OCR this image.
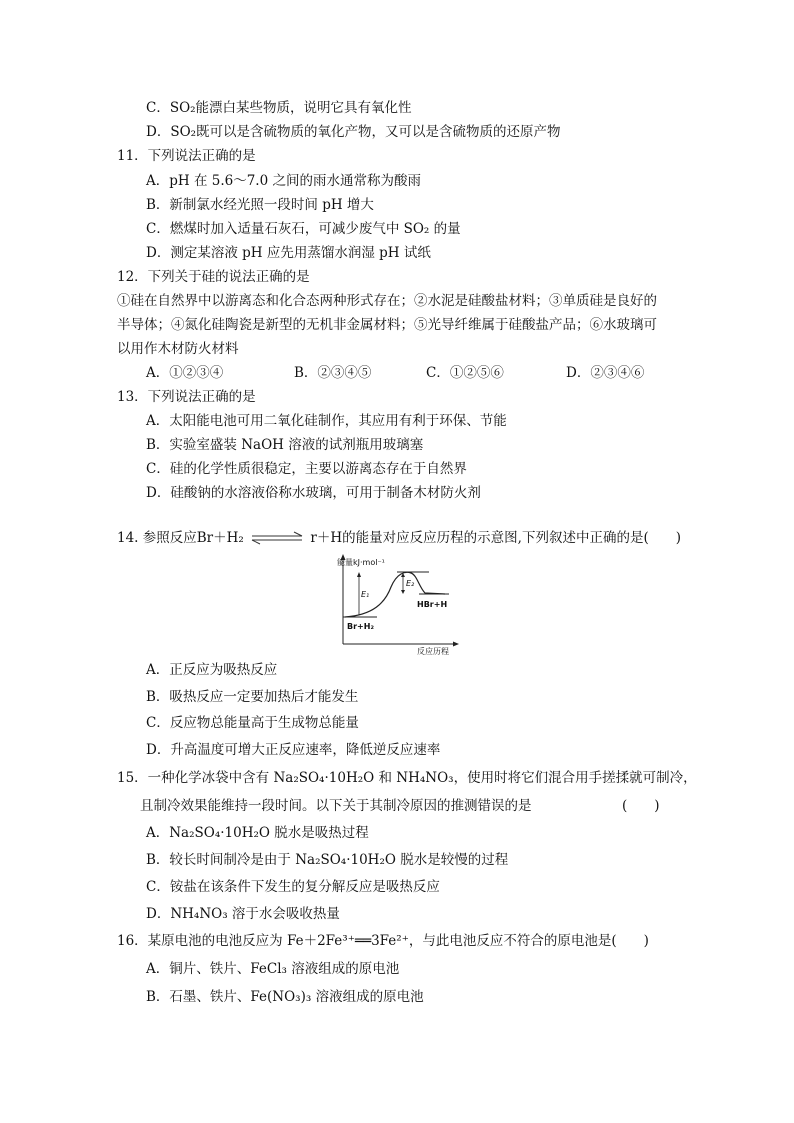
C．SO₂能漂白某些物质，说明它具有氧化性
D．SO₂既可以是含硫物质的氧化产物，又可以是含硫物质的还原产物
11．下列说法正确的是
A．pH 在 5.6～7.0 之间的雨水通常称为酸雨
B．新制氯水经光照一段时间 pH 增大
C．燃煤时加入适量石灰石，可减少废气中 SO₂ 的量
D．测定某溶液 pH 应先用蒸馏水润湿 pH 试纸
12．下列关于硅的说法正确的是
①硅在自然界中以游离态和化合态两种形式存在；②水泥是硅酸盐材料；③单质硅是良好的
半导体；④氮化硅陶瓷是新型的无机非金属材料；⑤光导纤维属于硅酸盐产品；⑥水玻璃可
以用作木材防火材料
A．①②③④	B．②③④⑤	C．①②⑤⑥	D．②③④⑥
13．下列说法正确的是
A．太阳能电池可用二氧化硅制作，其应用有利于环保、节能
B．实验室盛装 NaOH 溶液的试剂瓶用玻璃塞
C．硅的化学性质很稳定，主要以游离态存在于自然界
D．硅酸钠的水溶液俗称水玻璃，可用于制备木材防火剂
14. 参照反应Br＋H₂	r＋H的能量对应反应历程的示意图,下列叙述中正确的是(　　)
能量kJ·mol⁻¹
反应历程
E₁
E₂
Br+H₂
HBr+H
A．正反应为吸热反应
B．吸热反应一定要加热后才能发生
C．反应物总能量高于生成物总能量
D．升高温度可增大正反应速率，降低逆反应速率
15．一种化学冰袋中含有 Na₂SO₄·10H₂O 和 NH₄NO₃，使用时将它们混合用手搓揉就可制冷，
且制冷效果能维持一段时间。以下关于其制冷原因的推测错误的是	(　　)
A．Na₂SO₄·10H₂O 脱水是吸热过程
B．较长时间制冷是由于 Na₂SO₄·10H₂O 脱水是较慢的过程
C．铵盐在该条件下发生的复分解反应是吸热反应
D．NH₄NO₃ 溶于水会吸收热量
16．某原电池的电池反应为 Fe＋2Fe³⁺══3Fe²⁺，与此电池反应不符合的原电池是(　　)
A．铜片、铁片、FeCl₃ 溶液组成的原电池
B．石墨、铁片、Fe(NO₃)₃ 溶液组成的原电池
